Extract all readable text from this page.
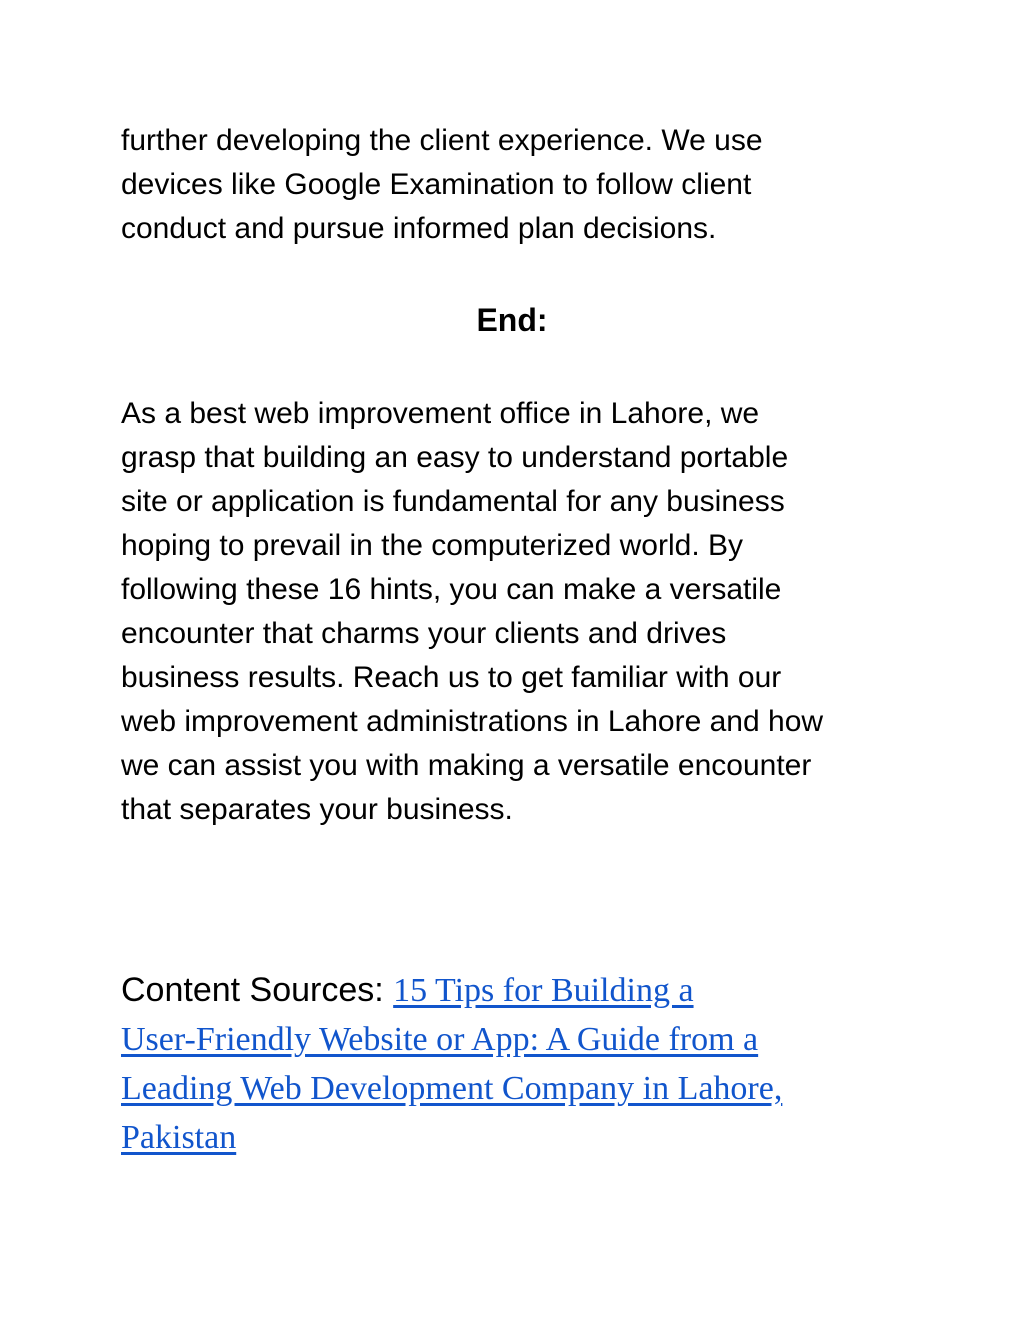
further developing the client experience. We use
devices like Google Examination to follow client
conduct and pursue informed plan decisions.
End:
As a best web improvement office in Lahore, we
grasp that building an easy to understand portable
site or application is fundamental for any business
hoping to prevail in the computerized world. By
following these 16 hints, you can make a versatile
encounter that charms your clients and drives
business results. Reach us to get familiar with our
web improvement administrations in Lahore and how
we can assist you with making a versatile encounter
that separates your business.
Content Sources: 15 Tips for Building a
User-Friendly Website or App: A Guide from a
Leading Web Development Company in Lahore,
Pakistan
